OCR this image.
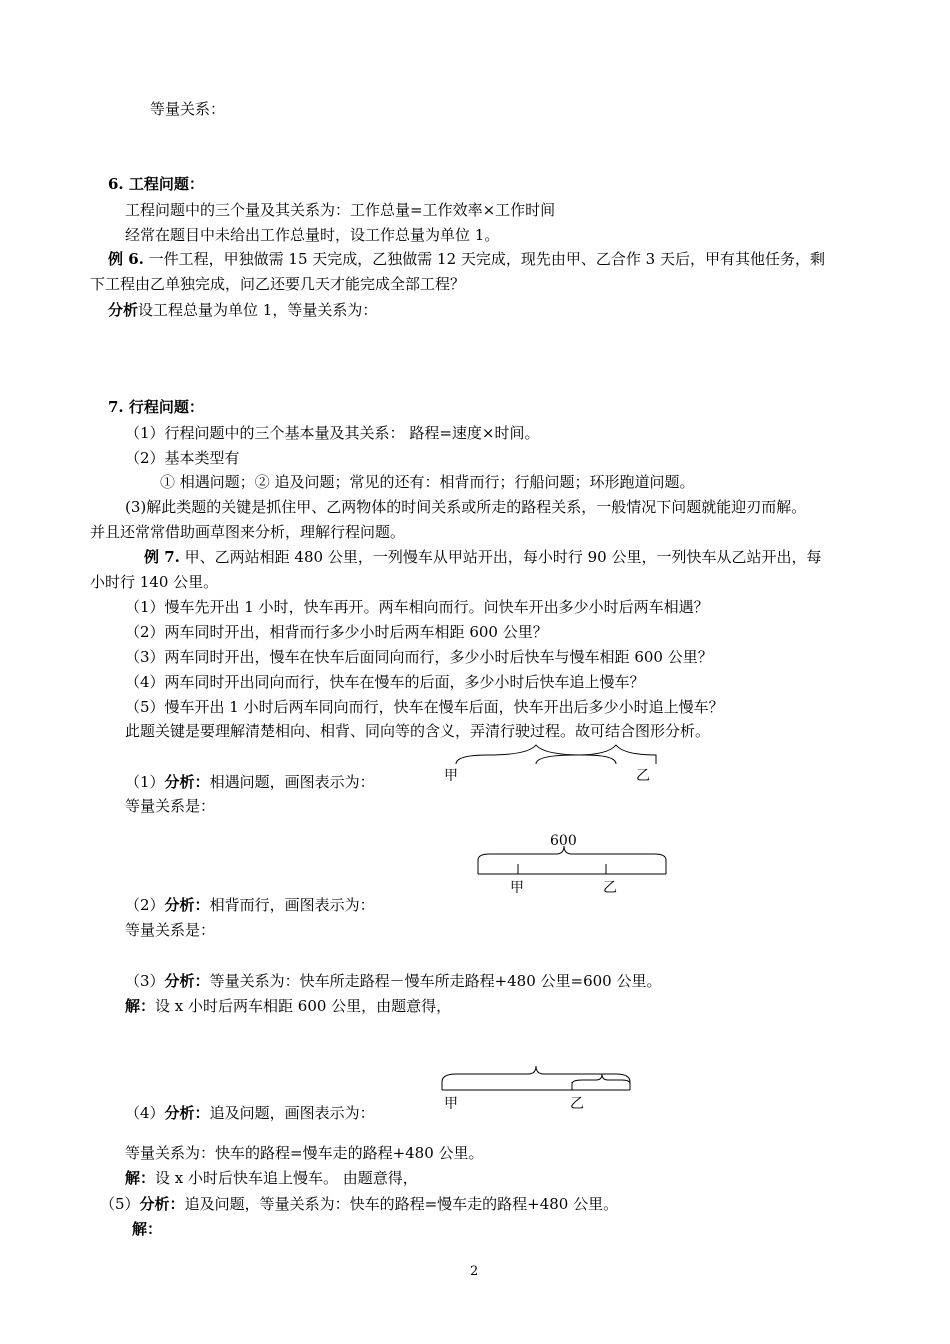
等量关系：
6. 工程问题：
工程问题中的三个量及其关系为：工作总量=工作效率×工作时间
经常在题目中未给出工作总量时，设工作总量为单位 1。
例 6. 一件工程，甲独做需 15 天完成，乙独做需 12 天完成，现先由甲、乙合作 3 天后，甲有其他任务，剩
下工程由乙单独完成，问乙还要几天才能完成全部工程？
分析设工程总量为单位 1，等量关系为：
7. 行程问题：
（1）行程问题中的三个基本量及其关系： 路程=速度×时间。
（2）基本类型有
① 相遇问题；② 追及问题；常见的还有：相背而行；行船问题；环形跑道问题。
(3)解此类题的关键是抓住甲、乙两物体的时间关系或所走的路程关系，一般情况下问题就能迎刃而解。
并且还常常借助画草图来分析，理解行程问题。
例 7. 甲、乙两站相距 480 公里，一列慢车从甲站开出，每小时行 90 公里，一列快车从乙站开出，每
小时行 140 公里。
（1）慢车先开出 1 小时，快车再开。两车相向而行。问快车开出多少小时后两车相遇？
（2）两车同时开出，相背而行多少小时后两车相距 600 公里？
（3）两车同时开出，慢车在快车后面同向而行，多少小时后快车与慢车相距 600 公里？
（4）两车同时开出同向而行，快车在慢车的后面，多少小时后快车追上慢车？
（5）慢车开出 1 小时后两车同向而行，快车在慢车后面，快车开出后多少小时追上慢车？
此题关键是要理解清楚相向、相背、同向等的含义，弄清行驶过程。故可结合图形分析。
甲	乙
（1）分析：相遇问题，画图表示为：
等量关系是：
600
甲	乙
（2）分析：相背而行，画图表示为：
等量关系是：
（3）分析：等量关系为：快车所走路程－慢车所走路程+480 公里=600 公里。
解：设 x 小时后两车相距 600 公里，由题意得，
甲	乙
（4）分析：追及问题，画图表示为：
等量关系为：快车的路程=慢车走的路程+480 公里。
解：设 x 小时后快车追上慢车。 由题意得，
（5）分析：追及问题，等量关系为：快车的路程=慢车走的路程+480 公里。
解：
2
